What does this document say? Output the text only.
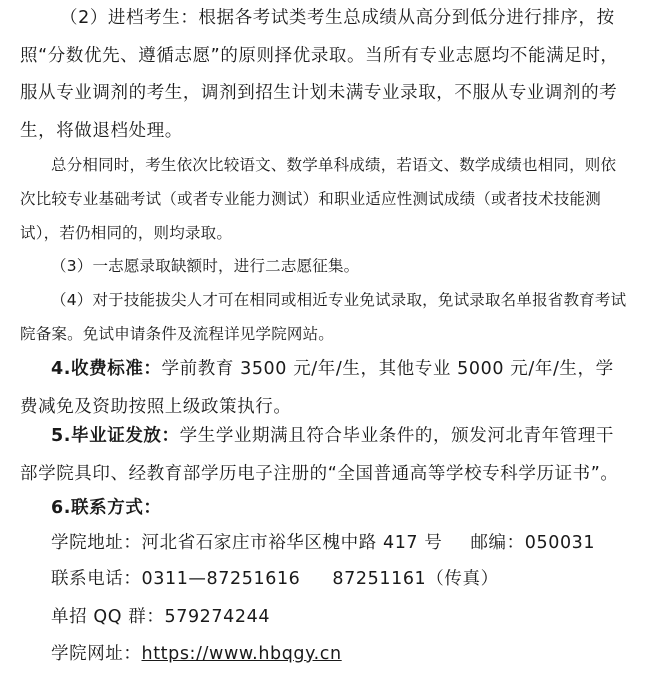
（2）进档考生：根据各考试类考生总成绩从高分到低分进行排序，按照“分数优先、遵循志愿”的原则择优录取。当所有专业志愿均不能满足时，服从专业调剂的考生，调剂到招生计划未满专业录取，不服从专业调剂的考生，将做退档处理。

总分相同时，考生依次比较语文、数学单科成绩，若语文、数学成绩也相同，则依次比较专业基础考试（或者专业能力测试）和职业适应性测试成绩（或者技术技能测试），若仍相同的，则均录取。

（3）一志愿录取缺额时，进行二志愿征集。

（4）对于技能拔尖人才可在相同或相近专业免试录取，免试录取名单报省教育考试院备案。免试申请条件及流程详见学院网站。

4.收费标准：学前教育 3500 元/年/生，其他专业 5000 元/年/生，学费减免及资助按照上级政策执行。

5.毕业证发放：学生学业期满且符合毕业条件的，颁发河北青年管理干部学院具印、经教育部学历电子注册的“全国普通高等学校专科学历证书”。

6.联系方式：

学院地址：河北省石家庄市裕华区槐中路 417 号 邮编：050031

联系电话：0311—87251616 87251161（传真）

单招 QQ 群：579274244

学院网址：https://www.hbqgy.cn
